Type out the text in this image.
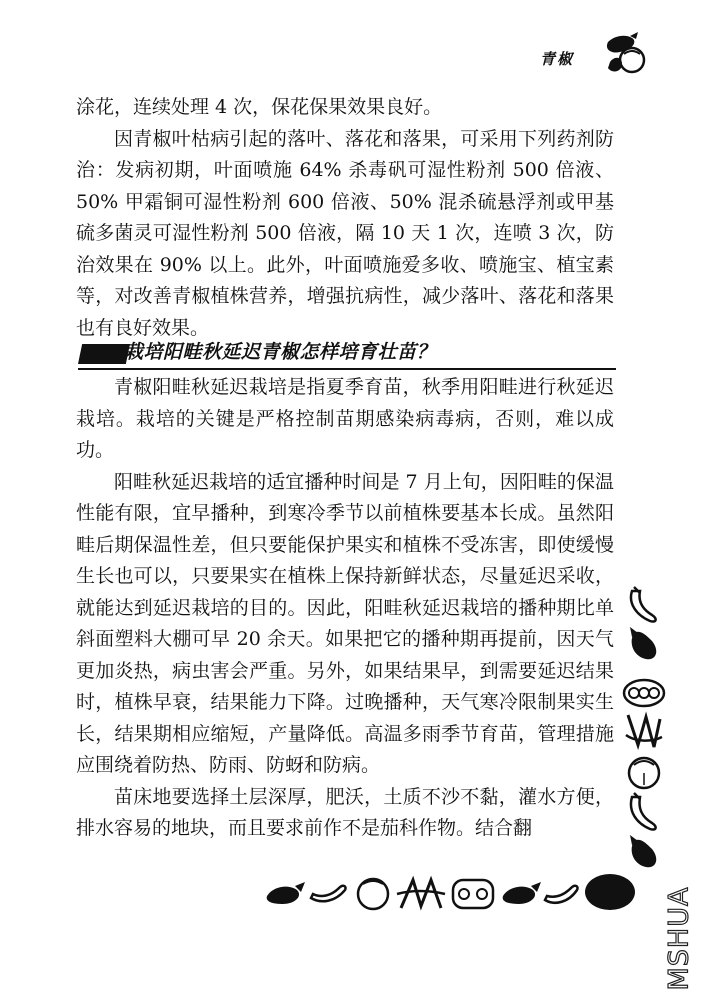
青椒

涂花，连续处理 4 次，保花保果效果良好。

因青椒叶枯病引起的落叶、落花和落果，可采用下列药剂防治：发病初期，叶面喷施 64% 杀毒矾可湿性粉剂 500 倍液、50% 甲霜铜可湿性粉剂 600 倍液、50% 混杀硫悬浮剂或甲基硫多菌灵可湿性粉剂 500 倍液，隔 10 天 1 次，连喷 3 次，防治效果在 90% 以上。此外，叶面喷施爱多收、喷施宝、植宝素等，对改善青椒植株营养，增强抗病性，减少落叶、落花和落果也有良好效果。

栽培阳畦秋延迟青椒怎样培育壮苗？

青椒阳畦秋延迟栽培是指夏季育苗，秋季用阳畦进行秋延迟栽培。栽培的关键是严格控制苗期感染病毒病，否则，难以成功。

阳畦秋延迟栽培的适宜播种时间是 7 月上旬，因阳畦的保温性能有限，宜早播种，到寒冷季节以前植株要基本长成。虽然阳畦后期保温性差，但只要能保护果实和植株不受冻害，即使缓慢生长也可以，只要果实在植株上保持新鲜状态，尽量延迟采收，就能达到延迟栽培的目的。因此，阳畦秋延迟栽培的播种期比单斜面塑料大棚可早 20 余天。如果把它的播种期再提前，因天气更加炎热，病虫害会严重。另外，如果结果早，到需要延迟结果时，植株早衰，结果能力下降。过晚播种，天气寒冷限制果实生长，结果期相应缩短，产量降低。高温多雨季节育苗，管理措施应围绕着防热、防雨、防蚜和防病。

苗床地要选择土层深厚，肥沃，土质不沙不黏，灌水方便，排水容易的地块，而且要求前作不是茄科作物。结合翻

MSHUA
